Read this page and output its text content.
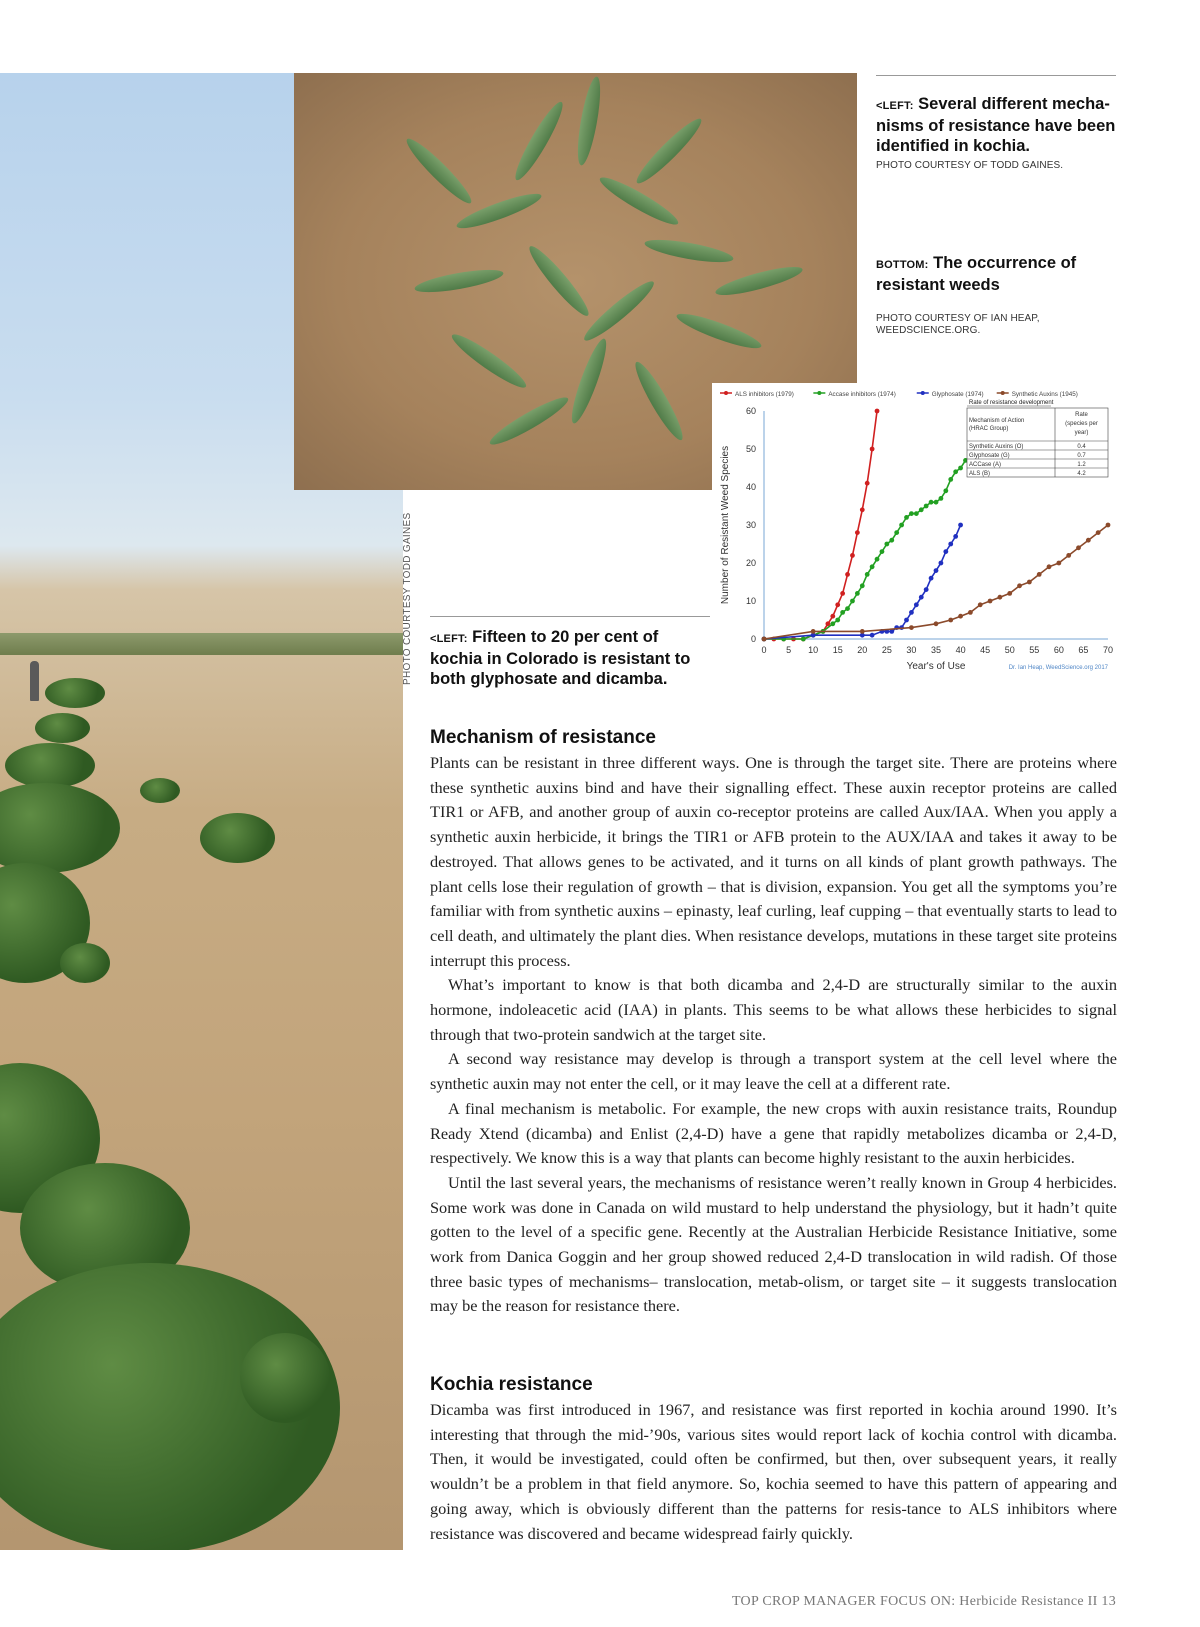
PHOTO COURTESY TODD GAINES
<LEFT: Several different mecha-nisms of resistance have been identified in kochia.
PHOTO COURTESY OF TODD GAINES.
BOTTOM: The occurrence of resistant weeds
PHOTO COURTESY OF IAN HEAP,
WEEDSCIENCE.ORG.
<LEFT: Fifteen to 20 per cent of kochia in Colorado is resistant to both glyphosate and dicamba.
0 5 10 15 20 25 30 35 40 45 50 55 60 65 70
0
10
20
30
40
50
60
Year's of Use
Number of Resistant Weed Species
Dr. Ian Heap, WeedScience.org 2017
ALS inhibitors (1979)	Accase inhibitors (1974)	Glyphosate (1974)	Synthetic Auxins (1945)
Rate of resistance development
Mechanism of Action
(HRAC Group)
Rate
(species per
year)
Synthetic Auxins (O)	0.4
Glyphosate (G)	0.7
ACCase (A)	1.2
ALS (B)	4.2
Mechanism of resistance

Plants can be resistant in three different ways. One is through the target site. There are proteins where these synthetic auxins bind and have their signalling effect. These auxin receptor proteins are called TIR1 or AFB, and another group of auxin co-receptor proteins are called Aux/IAA. When you apply a synthetic auxin herbicide, it brings the TIR1 or AFB protein to the AUX/IAA and takes it away to be destroyed. That allows genes to be activated, and it turns on all kinds of plant growth pathways. The plant cells lose their regulation of growth – that is division, expansion. You get all the symptoms you’re familiar with from synthetic auxins – epinasty, leaf curling, leaf cupping – that eventually starts to lead to cell death, and ultimately the plant dies. When resistance develops, mutations in these target site proteins interrupt this process.

What’s important to know is that both dicamba and 2,4-D are structurally similar to the auxin hormone, indoleacetic acid (IAA) in plants. This seems to be what allows these herbicides to signal through that two-protein sandwich at the target site.

A second way resistance may develop is through a transport system at the cell level where the synthetic auxin may not enter the cell, or it may leave the cell at a different rate.

A final mechanism is metabolic. For example, the new crops with auxin resistance traits, Roundup Ready Xtend (dicamba) and Enlist (2,4-D) have a gene that rapidly metabolizes dicamba or 2,4-D, respectively. We know this is a way that plants can become highly resistant to the auxin herbicides.

Until the last several years, the mechanisms of resistance weren’t really known in Group 4 herbicides. Some work was done in Canada on wild mustard to help understand the physiology, but it hadn’t quite gotten to the level of a specific gene. Recently at the Australian Herbicide Resistance Initiative, some work from Danica Goggin and her group showed reduced 2,4-D translocation in wild radish. Of those three basic types of mechanisms– translocation, metab-olism, or target site – it suggests translocation may be the reason for resistance there.

Kochia resistance

Dicamba was first introduced in 1967, and resistance was first reported in kochia around 1990. It’s interesting that through the mid-’90s, various sites would report lack of kochia control with dicamba. Then, it would be investigated, could often be confirmed, but then, over subsequent years, it really wouldn’t be a problem in that field anymore. So, kochia seemed to have this pattern of appearing and going away, which is obviously different than the patterns for resis-tance to ALS inhibitors where resistance was discovered and became widespread fairly quickly.

TOP CROP MANAGER FOCUS ON: Herbicide Resistance II 13
